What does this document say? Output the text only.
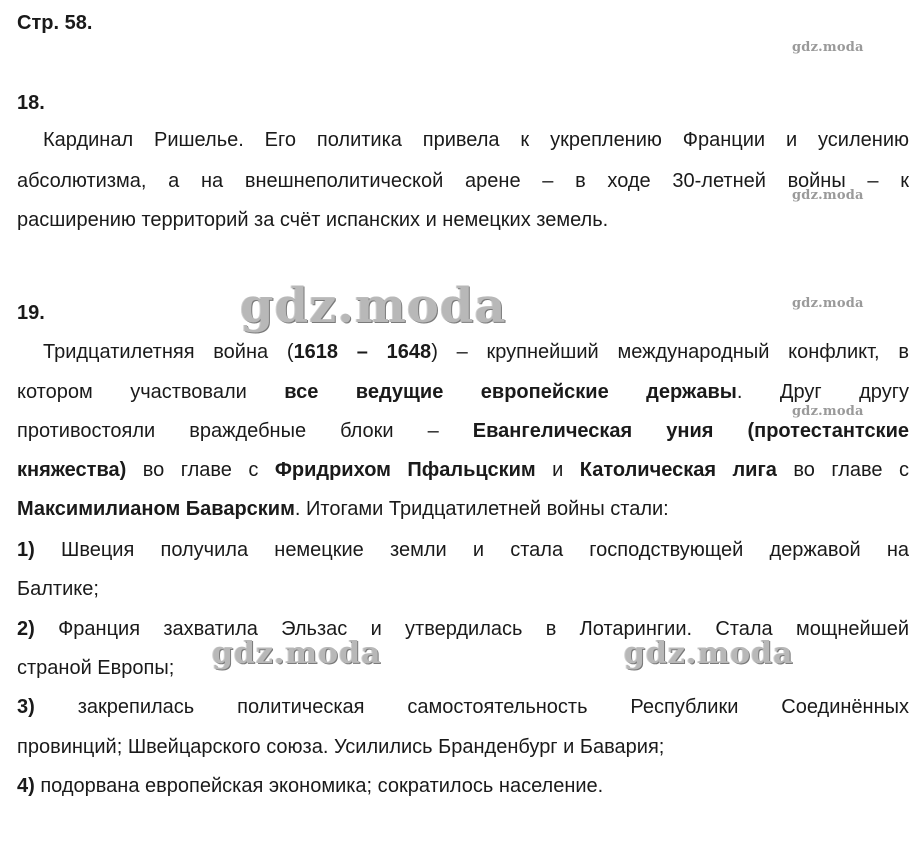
Стр. 58.

18.

Кардинал Ришелье. Его политика привела к укреплению Франции и усилению
абсолютизма, а на внешнеполитической арене – в ходе 30-летней войны – к
расширению территорий за счёт испанских и немецких земель.

19.

Тридцатилетняя война (1618 – 1648) – крупнейший международный конфликт, в
котором участвовали все ведущие европейские державы. Друг другу
противостояли враждебные блоки – Евангелическая уния (протестантские
княжества) во главе с Фридрихом Пфальцским и Католическая лига во главе с
Максимилианом Баварским. Итогами Тридцатилетней войны стали:
1) Швеция получила немецкие земли и стала господствующей державой на
Балтике;
2) Франция захватила Эльзас и утвердилась в Лотарингии. Стала мощнейшей
страной Европы;
3) закрепилась политическая самостоятельность Республики Соединённых
провинций; Швейцарского союза. Усилились Бранденбург и Бавария;
4) подорвана европейская экономика; сократилось население.
gdz.moda
gdz.moda
gdz.moda
gdz.moda
gdz.moda
gdz.moda	gdz.moda
